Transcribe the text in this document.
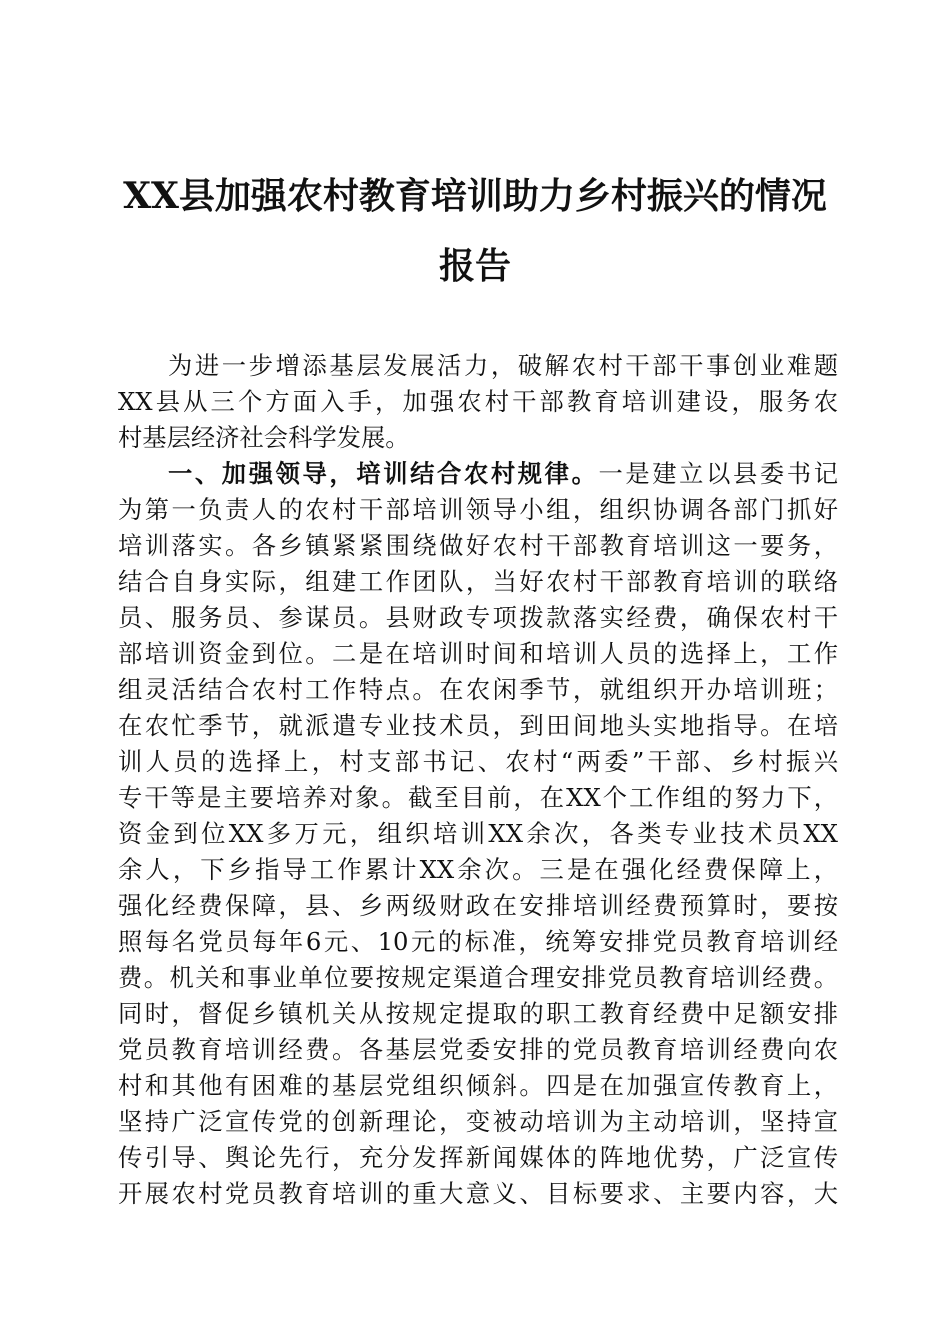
XX县加强农村教育培训助力乡村振兴的情况
报告
为进一步增添基层发展活力，破解农村干部干事创业难题
XX县从三个方面入手，加强农村干部教育培训建设，服务农
村基层经济社会科学发展。
一、加强领导，培训结合农村规律。一是建立以县委书记
为第一负责人的农村干部培训领导小组，组织协调各部门抓好
培训落实。各乡镇紧紧围绕做好农村干部教育培训这一要务，
结合自身实际，组建工作团队，当好农村干部教育培训的联络
员、服务员、参谋员。县财政专项拨款落实经费，确保农村干
部培训资金到位。二是在培训时间和培训人员的选择上，工作
组灵活结合农村工作特点。在农闲季节，就组织开办培训班；
在农忙季节，就派遣专业技术员，到田间地头实地指导。在培
训人员的选择上，村支部书记、农村“两委”干部、乡村振兴
专干等是主要培养对象。截至目前，在XX个工作组的努力下，
资金到位XX多万元，组织培训XX余次，各类专业技术员XX
余人，下乡指导工作累计XX余次。三是在强化经费保障上，
强化经费保障，县、乡两级财政在安排培训经费预算时，要按
照每名党员每年6元、10元的标准，统筹安排党员教育培训经
费。机关和事业单位要按规定渠道合理安排党员教育培训经费。
同时，督促乡镇机关从按规定提取的职工教育经费中足额安排
党员教育培训经费。各基层党委安排的党员教育培训经费向农
村和其他有困难的基层党组织倾斜。四是在加强宣传教育上，
坚持广泛宣传党的创新理论，变被动培训为主动培训，坚持宣
传引导、舆论先行，充分发挥新闻媒体的阵地优势，广泛宣传
开展农村党员教育培训的重大意义、目标要求、主要内容，大
